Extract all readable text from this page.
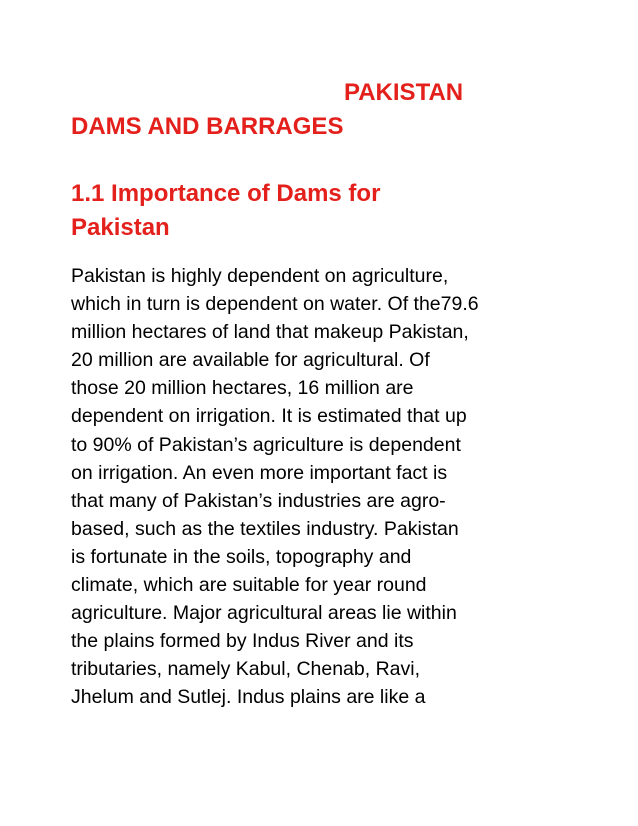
PAKISTAN
DAMS AND BARRAGES
1.1 Importance of Dams for
Pakistan

Pakistan is highly dependent on agriculture,
which in turn is dependent on water. Of the79.6
million hectares of land that makeup Pakistan,
20 million are available for agricultural. Of
those 20 million hectares, 16 million are
dependent on irrigation. It is estimated that up
to 90% of Pakistan’s agriculture is dependent
on irrigation. An even more important fact is
that many of Pakistan’s industries are agro-
based, such as the textiles industry. Pakistan
is fortunate in the soils, topography and
climate, which are suitable for year round
agriculture. Major agricultural areas lie within
the plains formed by Indus River and its
tributaries, namely Kabul, Chenab, Ravi,
Jhelum and Sutlej. Indus plains are like a
